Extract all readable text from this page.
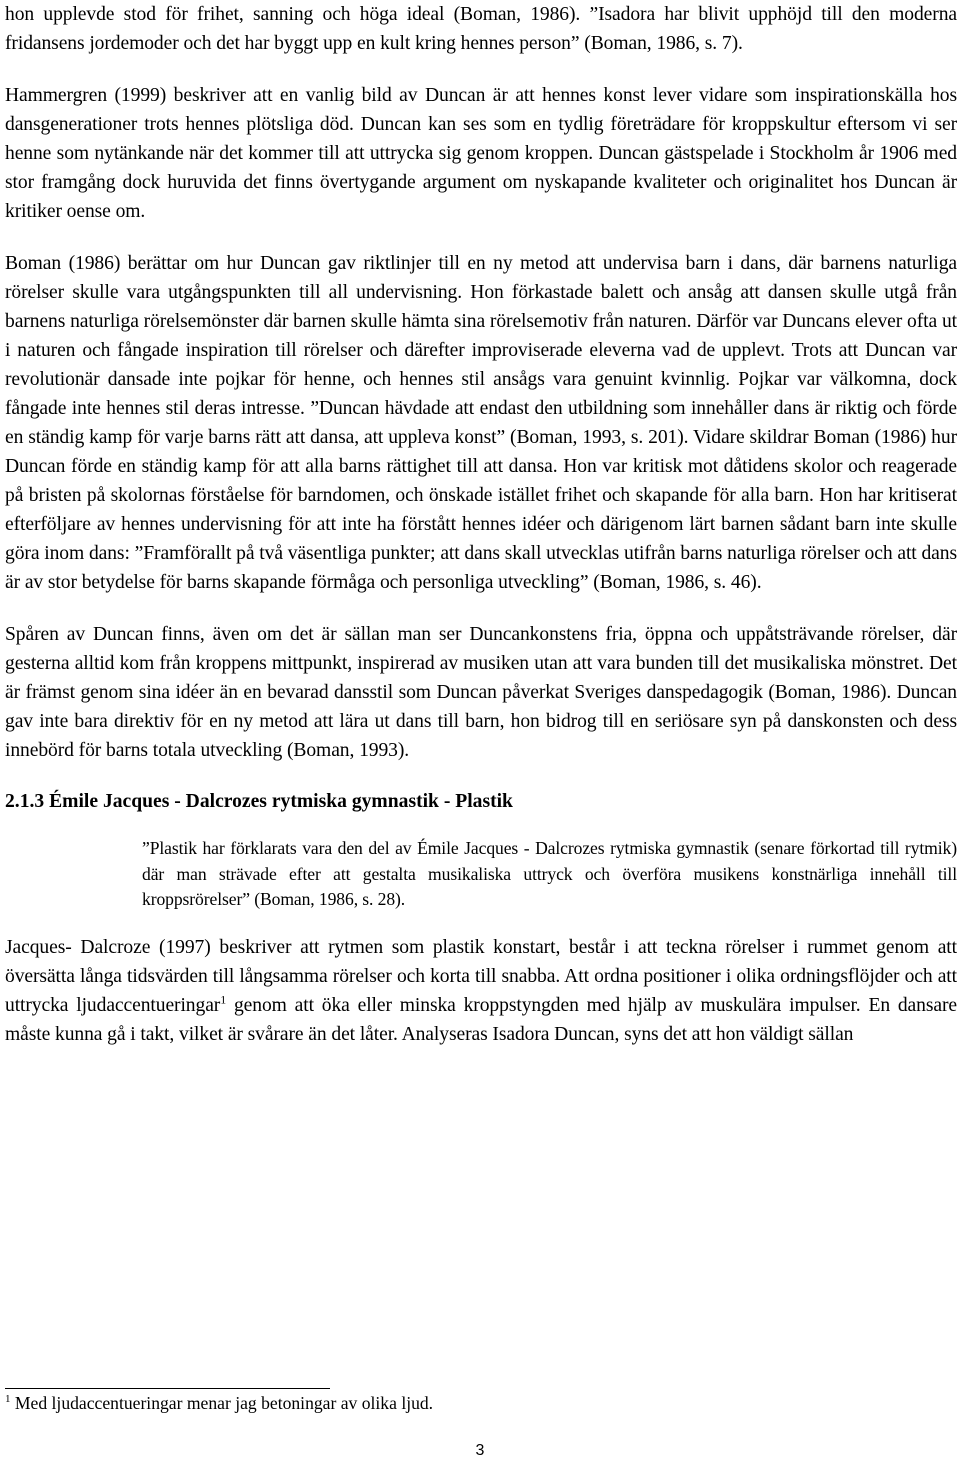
hon upplevde stod för frihet, sanning och höga ideal (Boman, 1986). ”Isadora har blivit upphöjd till den moderna fridansens jordemoder och det har byggt upp en kult kring hennes person” (Boman, 1986, s. 7).

Hammergren (1999) beskriver att en vanlig bild av Duncan är att hennes konst lever vidare som inspirationskälla hos dansgenerationer trots hennes plötsliga död. Duncan kan ses som en tydlig företrädare för kroppskultur eftersom vi ser henne som nytänkande när det kommer till att uttrycka sig genom kroppen. Duncan gästspelade i Stockholm år 1906 med stor framgång dock huruvida det finns övertygande argument om nyskapande kvaliteter och originalitet hos Duncan är kritiker oense om.

Boman (1986) berättar om hur Duncan gav riktlinjer till en ny metod att undervisa barn i dans, där barnens naturliga rörelser skulle vara utgångspunkten till all undervisning. Hon förkastade balett och ansåg att dansen skulle utgå från barnens naturliga rörelsemönster där barnen skulle hämta sina rörelsemotiv från naturen. Därför var Duncans elever ofta ut i naturen och fångade inspiration till rörelser och därefter improviserade eleverna vad de upplevt. Trots att Duncan var revolutionär dansade inte pojkar för henne, och hennes stil ansågs vara genuint kvinnlig. Pojkar var välkomna, dock fångade inte hennes stil deras intresse. ”Duncan hävdade att endast den utbildning som innehåller dans är riktig och förde en ständig kamp för varje barns rätt att dansa, att uppleva konst” (Boman, 1993, s. 201). Vidare skildrar Boman (1986) hur Duncan förde en ständig kamp för att alla barns rättighet till att dansa. Hon var kritisk mot dåtidens skolor och reagerade på bristen på skolornas förståelse för barndomen, och önskade istället frihet och skapande för alla barn. Hon har kritiserat efterföljare av hennes undervisning för att inte ha förstått hennes idéer och därigenom lärt barnen sådant barn inte skulle göra inom dans: ”Framförallt på två väsentliga punkter; att dans skall utvecklas utifrån barns naturliga rörelser och att dans är av stor betydelse för barns skapande förmåga och personliga utveckling” (Boman, 1986, s. 46).

Spåren av Duncan finns, även om det är sällan man ser Duncankonstens fria, öppna och uppåtsträvande rörelser, där gesterna alltid kom från kroppens mittpunkt, inspirerad av musiken utan att vara bunden till det musikaliska mönstret. Det är främst genom sina idéer än en bevarad dansstil som Duncan påverkat Sveriges danspedagogik (Boman, 1986). Duncan gav inte bara direktiv för en ny metod att lära ut dans till barn, hon bidrog till en seriösare syn på danskonsten och dess innebörd för barns totala utveckling (Boman, 1993).

2.1.3 Émile Jacques - Dalcrozes rytmiska gymnastik - Plastik

”Plastik har förklarats vara den del av Émile Jacques - Dalcrozes rytmiska gymnastik (senare förkortad till rytmik) där man strävade efter att gestalta musikaliska uttryck och överföra musikens konstnärliga innehåll till kroppsrörelser” (Boman, 1986, s. 28).

Jacques- Dalcroze (1997) beskriver att rytmen som plastik konstart, består i att teckna rörelser i rummet genom att översätta långa tidsvärden till långsamma rörelser och korta till snabba. Att ordna positioner i olika ordningsflöjder och att uttrycka ljudaccentueringar$^1$ genom att öka eller minska kroppstyngden med hjälp av muskulära impulser. En dansare måste kunna gå i takt, vilket är svårare än det låter. Analyseras Isadora Duncan, syns det att hon väldigt sällan

$^1$ Med ljudaccentueringar menar jag betoningar av olika ljud.
3
